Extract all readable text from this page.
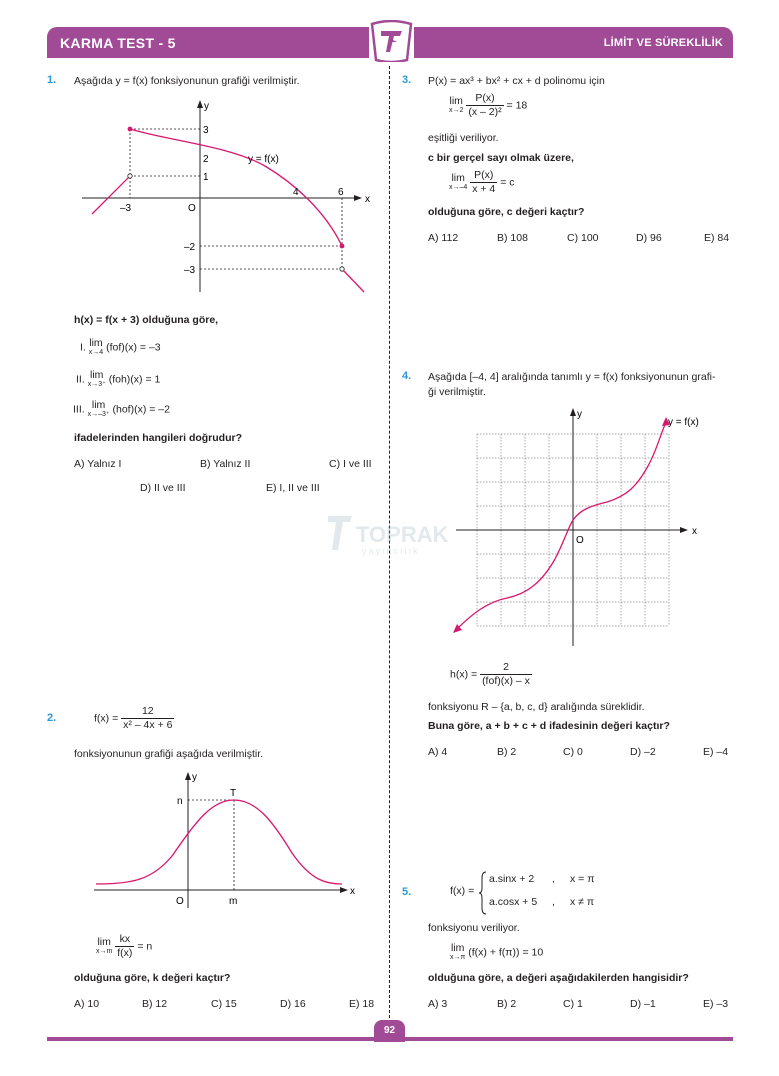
KARMA TEST - 5	LİMİT VE SÜREKLİLİK
TOPRAK
yayıncılık
1. Aşağıda y = f(x) fonksiyonunun grafiği verilmiştir.
x
y
y = f(x)
–3	O
4	6
3
2
1
–2
–3
h(x) = f(x + 3) olduğuna göre,
I. lim
x→4 (fof)(x) = –3
II. lim
x→3⁺ (foh)(x) = 1
III. lim
x→–3⁺ (hof)(x) = –2
ifadelerinden hangileri doğrudur?
A) Yalnız I	B) Yalnız II	C) I ve III
D) II ve III	E) I, II ve III
2.	$f(x) = \frac{12}{\text{x² – 4x + 6}}$
fonksiyonunun grafiği aşağıda verilmiştir.
x
y
n
T
O	m
lim
x→m
$\frac{kx}{f(x)} = n$
olduğuna göre, k değeri kaçtır?
A) 10	B) 12	C) 15	D) 16	E) 18
3. P(x) = ax³ + bx² + cx + d polinomu için
lim
x→2
$\frac{P(x)}{\text{(x – 2)²}} = 18$
eşitliği veriliyor.
c bir gerçel sayı olmak üzere,
lim
x→–4
$\frac{P(x)}{x + 4} = c$
olduğuna göre, c değeri kaçtır?
A) 112	B) 108	C) 100	D) 96	E) 84
4. Aşağıda [–4, 4] aralığında tanımlı y = f(x) fonksiyonunun grafi-
ği verilmiştir.
x
y
O
y = f(x)
$h(x) = \frac{2}{\text{(fof)(x) – x}}$
fonksiyonu R – {a, b, c, d} aralığında süreklidir.
Buna göre, a + b + c + d ifadesinin değeri kaçtır?
A) 4	B) 2	C) 0	D) –2	E) –4
5.	f(x) =
a.sinx + 2 , x = π
a.cosx + 5 , x ≠ π
fonksiyonu veriliyor.
lim
x→π (f(x) + f(π)) = 10
olduğuna göre, a değeri aşağıdakilerden hangisidir?
A) 3	B) 2	C) 1	D) –1	E) –3
92
